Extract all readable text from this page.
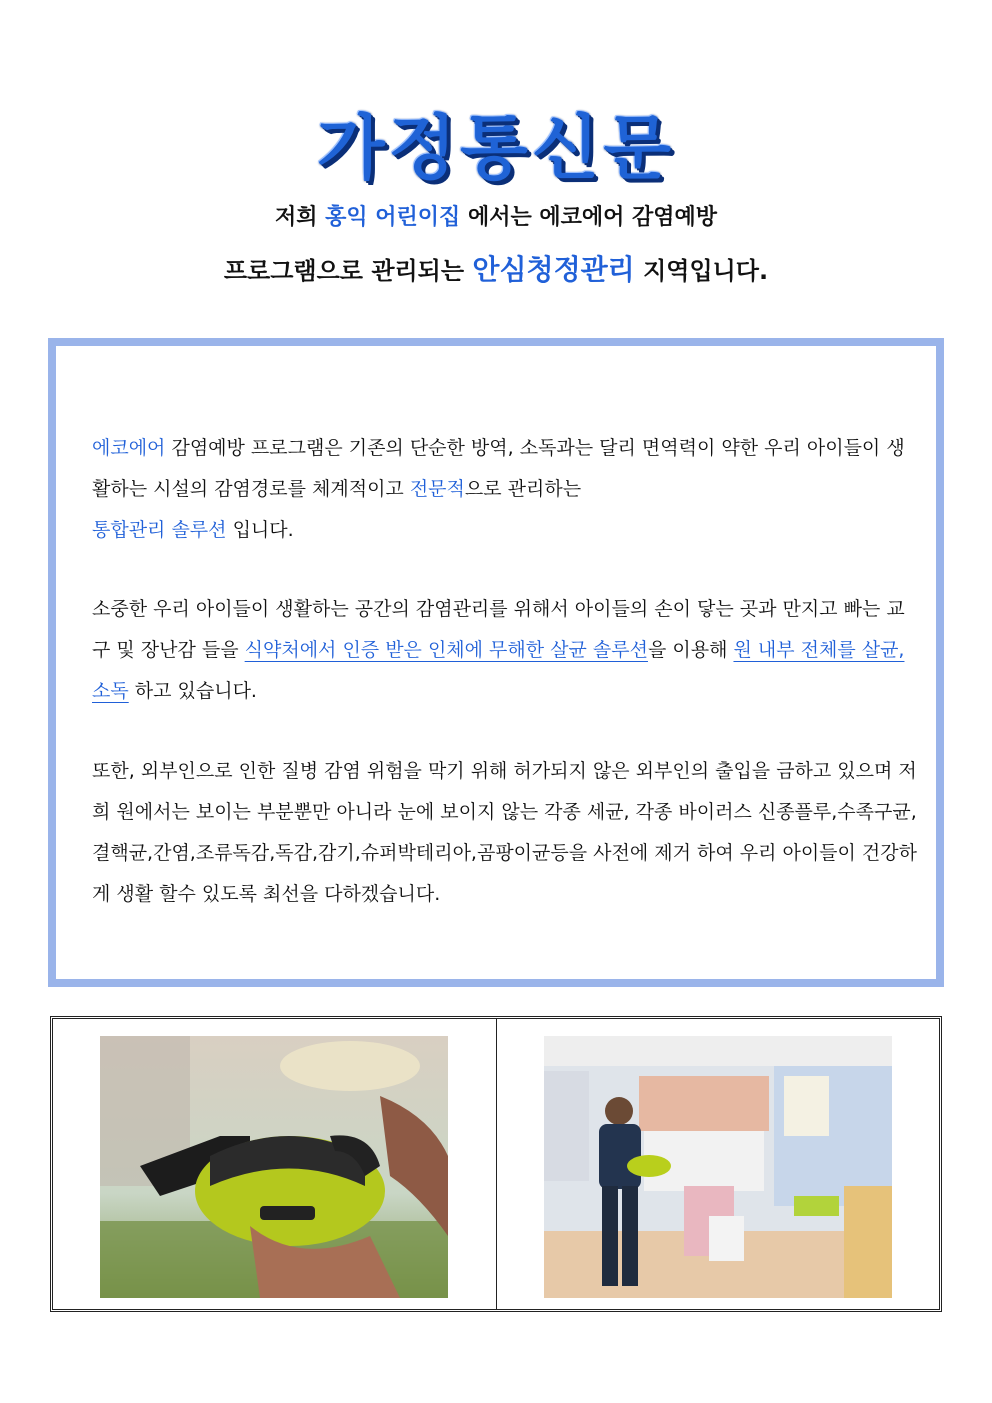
가정통신문
저희 홍익 어린이집 에서는 에코에어 감염예방
프로그램으로 관리되는 안심청정관리 지역입니다.
에코에어 감염예방 프로그램은 기존의 단순한 방역, 소독과는 달리 면역력이 약한 우리 아이들이 생활하는 시설의 감염경로를 체계적이고 전문적으로 관리하는
통합관리 솔루션 입니다.
소중한 우리 아이들이 생활하는 공간의 감염관리를 위해서 아이들의 손이 닿는 곳과 만지고 빠는 교구 및 장난감 들을 식약처에서 인증 받은 인체에 무해한 살균 솔루션을 이용해 원 내부 전체를 살균,소독 하고 있습니다.
또한, 외부인으로 인한 질병 감염 위험을 막기 위해 허가되지 않은 외부인의 출입을 금하고 있으며 저희 원에서는 보이는 부분뿐만 아니라 눈에 보이지 않는 각종 세균, 각종 바이러스 신종플루,수족구균,결핵균,간염,조류독감,독감,감기,슈퍼박테리아,곰팡이균등을 사전에 제거 하여 우리 아이들이 건강하게 생활 할수 있도록 최선을 다하겠습니다.
